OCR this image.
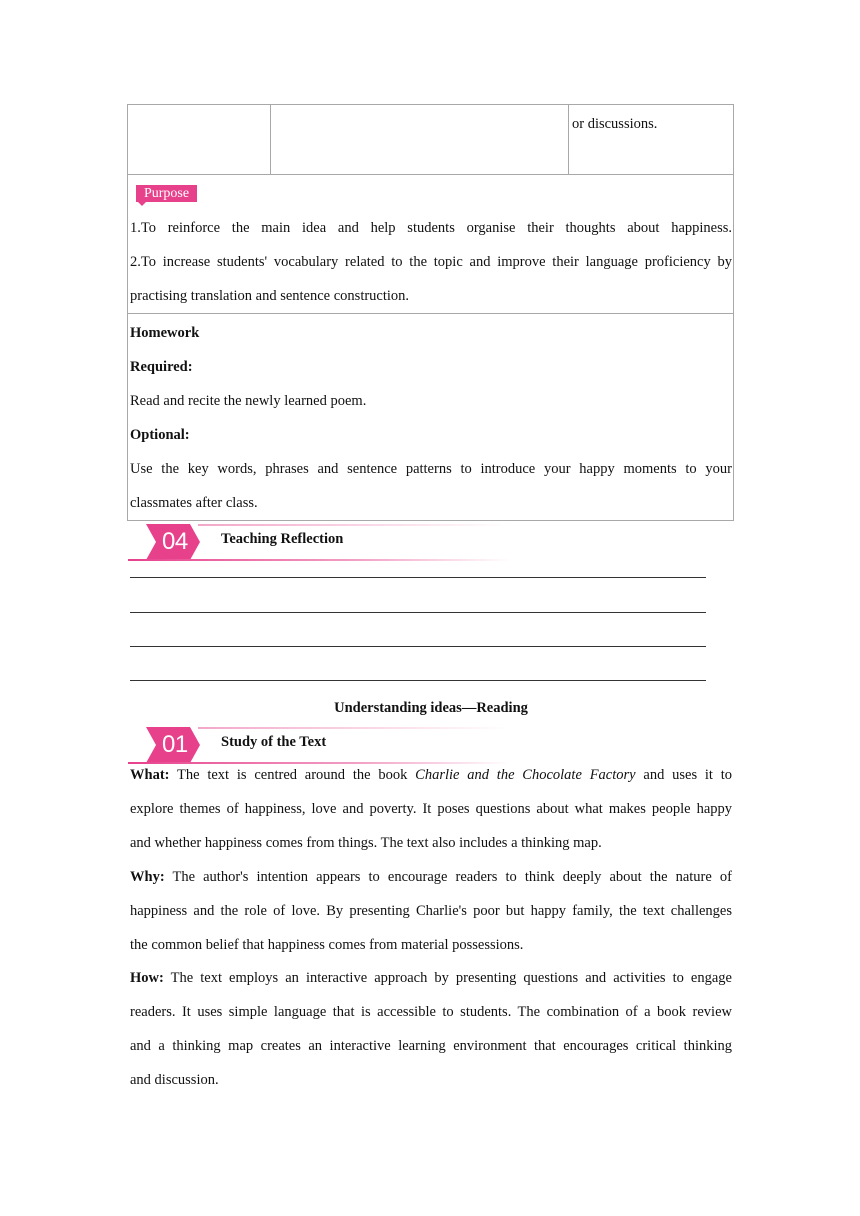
or discussions.
Purpose
1.To reinforce the main idea and help students organise their thoughts about happiness.
2.To increase students' vocabulary related to the topic and improve their language proficiency by
practising translation and sentence construction.
Homework
Required:
Read and recite the newly learned poem.
Optional:
Use the key words, phrases and sentence patterns to introduce your happy moments to your
classmates after class.
04	Teaching Reflection
Understanding ideas—Reading
01	Study of the Text
What: The text is centred around the book Charlie and the Chocolate Factory and uses it to
explore themes of happiness, love and poverty. It poses questions about what makes people happy
and whether happiness comes from things. The text also includes a thinking map.
Why: The author's intention appears to encourage readers to think deeply about the nature of
happiness and the role of love. By presenting Charlie's poor but happy family, the text challenges
the common belief that happiness comes from material possessions.
How: The text employs an interactive approach by presenting questions and activities to engage
readers. It uses simple language that is accessible to students. The combination of a book review
and a thinking map creates an interactive learning environment that encourages critical thinking
and discussion.
